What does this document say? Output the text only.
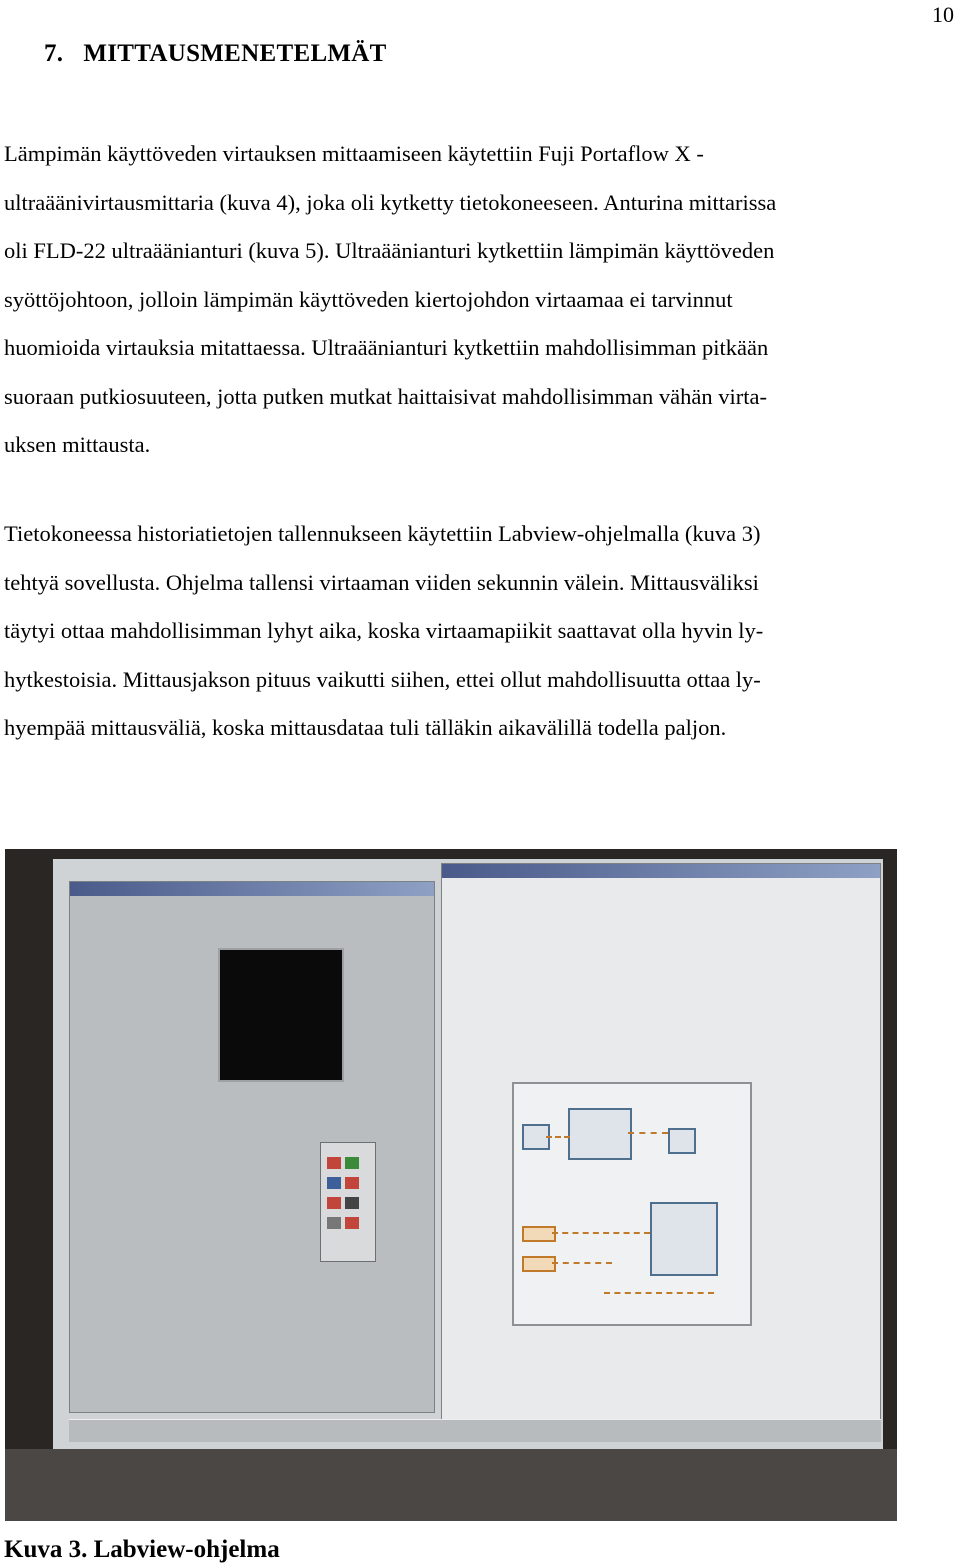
10
7. MITTAUSMENETELMÄT

Lämpimän käyttöveden virtauksen mittaamiseen käytettiin Fuji Portaflow X -
ultraäänivirtausmittaria (kuva 4), joka oli kytketty tietokoneeseen. Anturina mittarissa
oli FLD-22 ultraäänianturi (kuva 5). Ultraäänianturi kytkettiin lämpimän käyttöveden
syöttöjohtoon, jolloin lämpimän käyttöveden kiertojohdon virtaamaa ei tarvinnut
huomioida virtauksia mitattaessa. Ultraäänianturi kytkettiin mahdollisimman pitkään
suoraan putkiosuuteen, jotta putken mutkat haittaisivat mahdollisimman vähän virta-
uksen mittausta.

Tietokoneessa historiatietojen tallennukseen käytettiin Labview-ohjelmalla (kuva 3)
tehtyä sovellusta. Ohjelma tallensi virtaaman viiden sekunnin välein. Mittausväliksi
täytyi ottaa mahdollisimman lyhyt aika, koska virtaamapiikit saattavat olla hyvin ly-
hytkestoisia. Mittausjakson pituus vaikutti siihen, ettei ollut mahdollisuutta ottaa ly-
hyempää mittausväliä, koska mittausdataa tuli tälläkin aikavälillä todella paljon.

Kuva 3. Labview-ohjelma
